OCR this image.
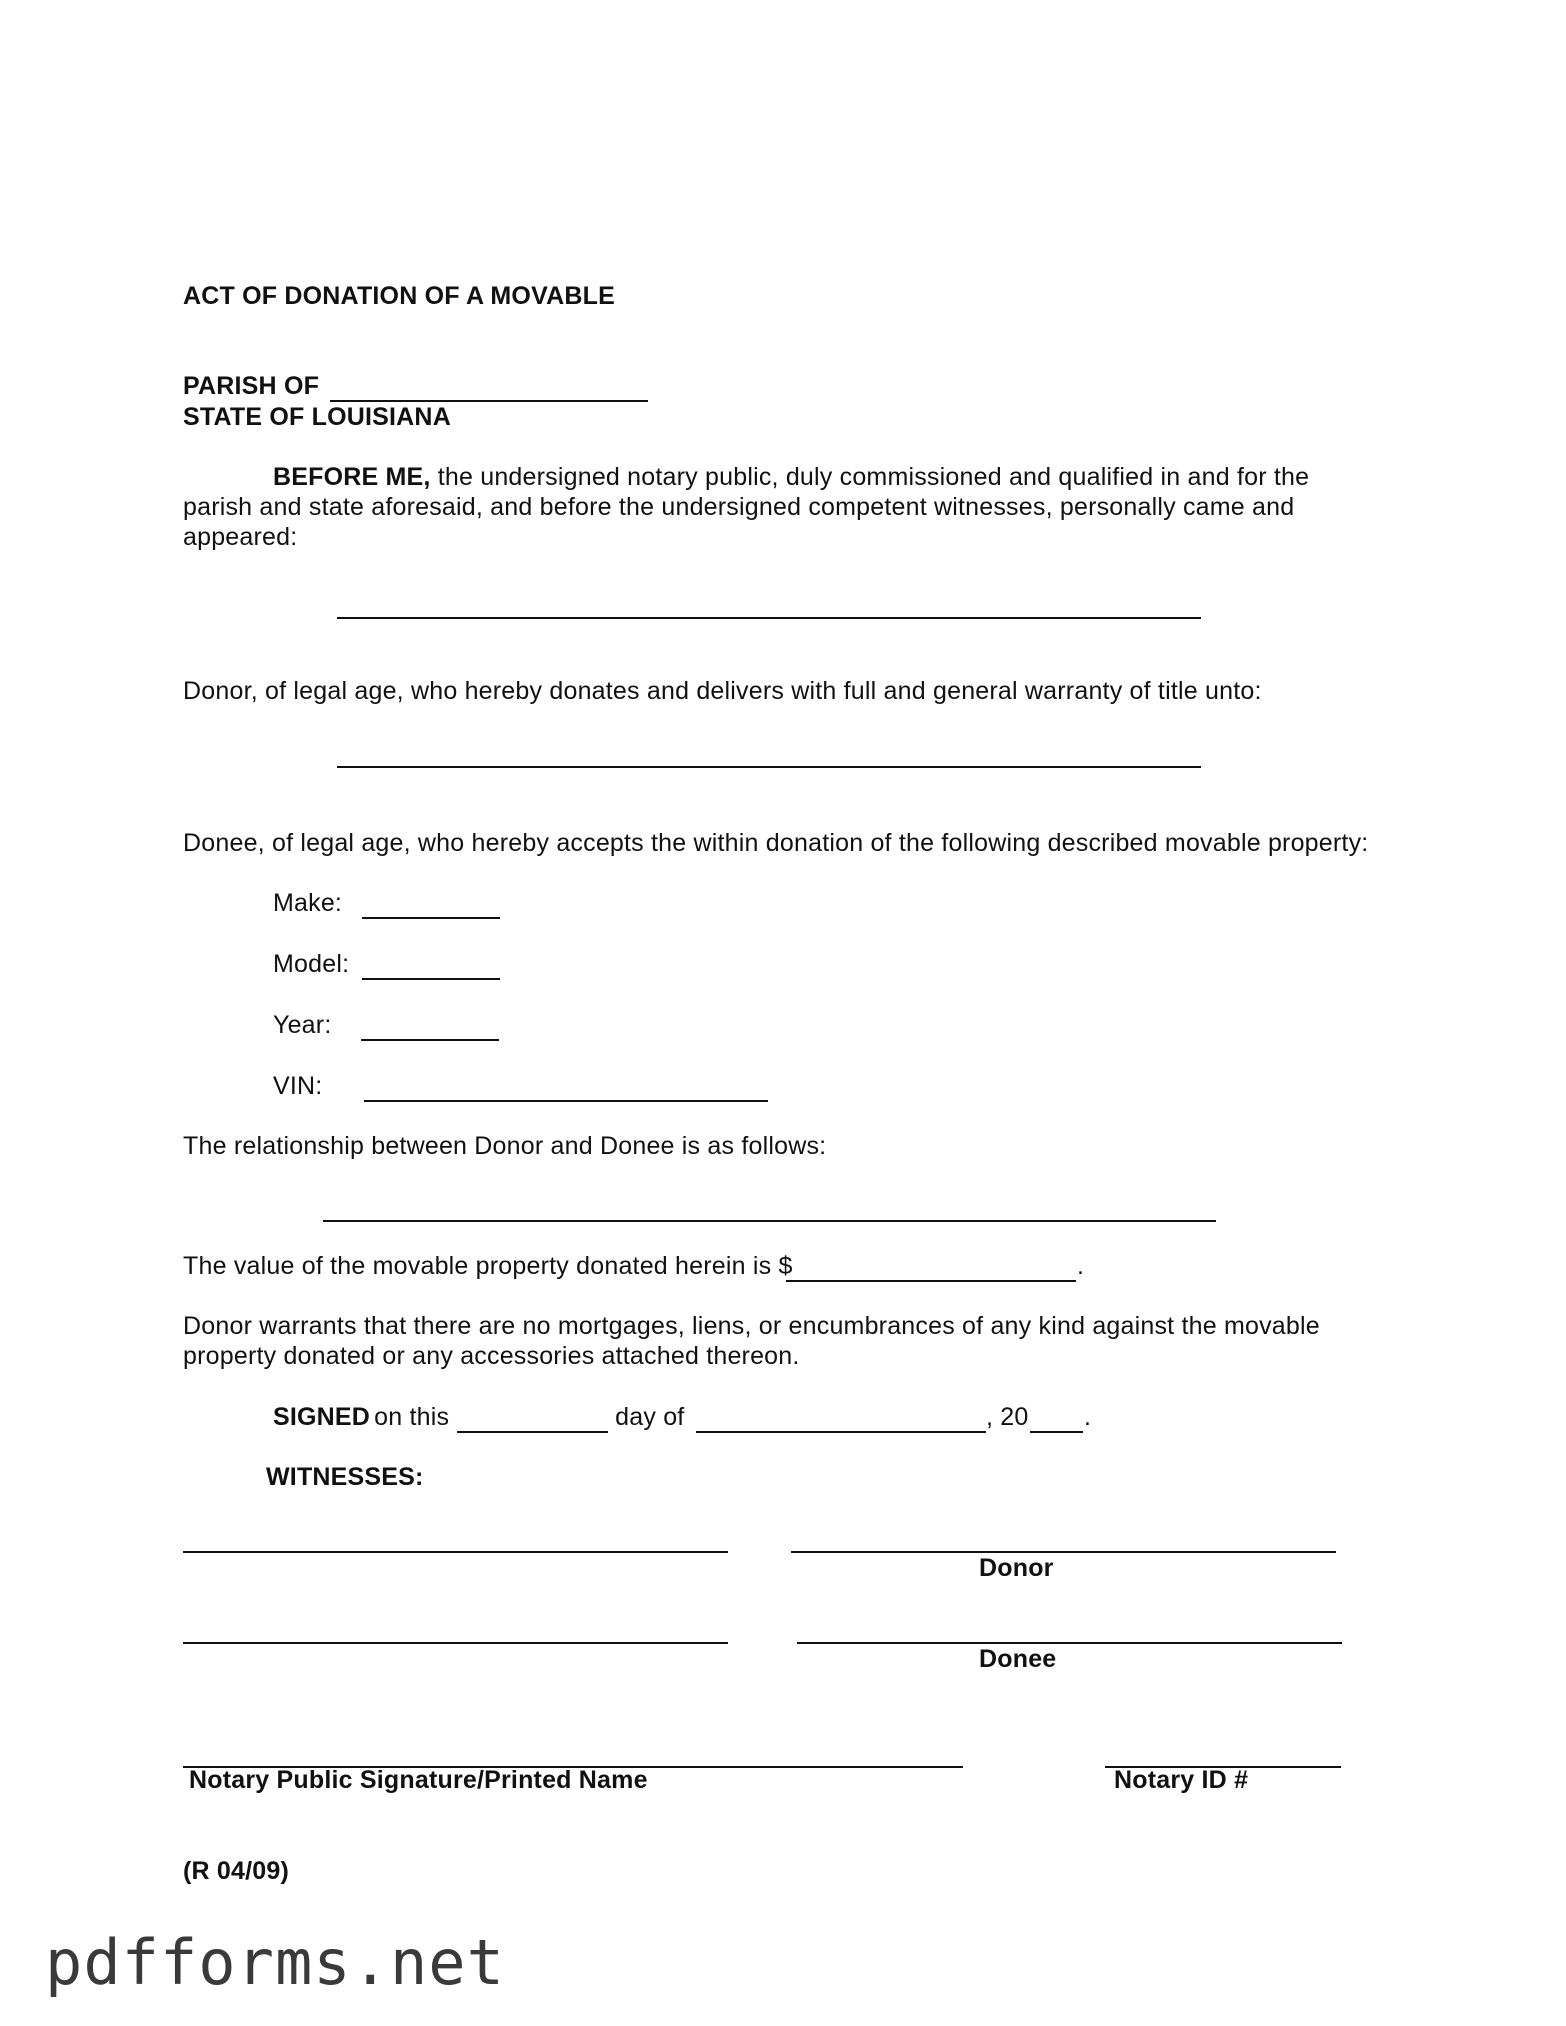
ACT OF DONATION OF A MOVABLE
PARISH OF
STATE OF LOUISIANA
BEFORE ME, the undersigned notary public, duly commissioned and qualified in and for the parish and state aforesaid, and before the undersigned competent witnesses, personally came and appeared:
Donor, of legal age, who hereby donates and delivers with full and general warranty of title unto:
Donee, of legal age, who hereby accepts the within donation of the following described movable property:
Make:
Model:
Year:
VIN:
The relationship between Donor and Donee is as follows:
The value of the movable property donated herein is $	.
Donor warrants that there are no mortgages, liens, or encumbrances of any kind against the movable property donated or any accessories attached thereon.
SIGNED
on this	day of	, 20 .
WITNESSES:
Donor
Donee
Notary Public Signature/Printed Name	Notary ID #
(R 04/09)
pdfforms.net
